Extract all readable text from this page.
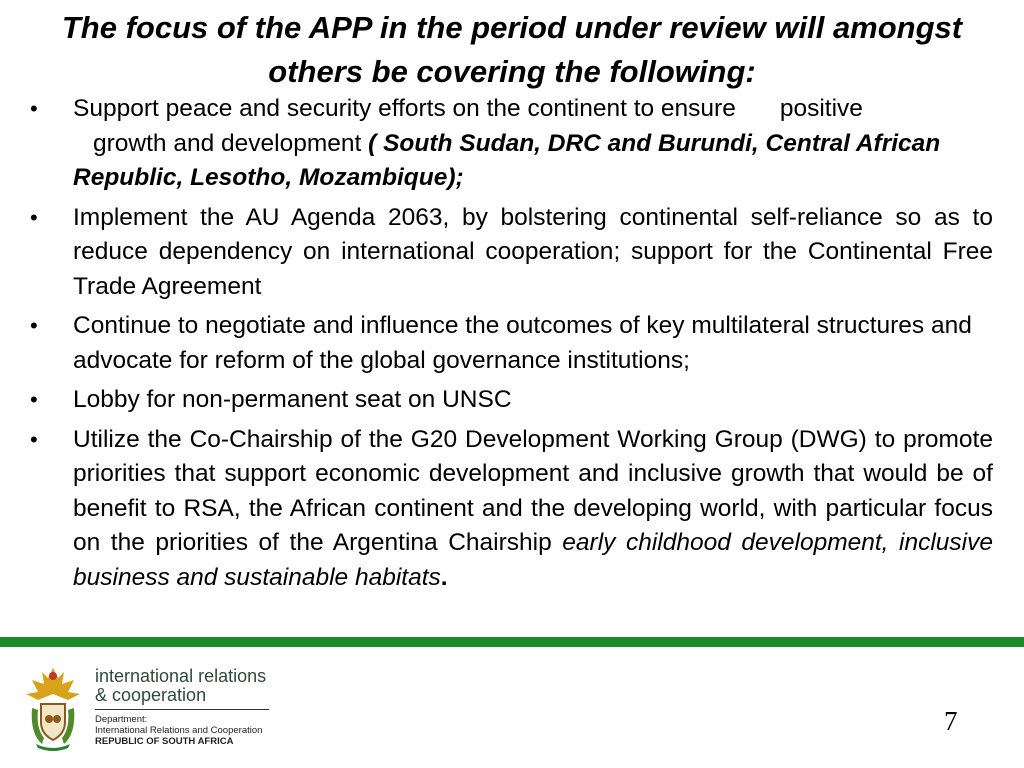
The focus of the APP in the period under review will amongst others be covering the following:
• Support peace and security efforts on the continent to ensure positive
growth and development ( South Sudan, DRC and Burundi, Central African Republic, Lesotho, Mozambique);
• Implement the AU Agenda 2063, by bolstering continental self-reliance so as to reduce dependency on international cooperation; support for the Continental Free Trade Agreement
• Continue to negotiate and influence the outcomes of key multilateral structures and advocate for reform of the global governance institutions;
• Lobby for non-permanent seat on UNSC
• Utilize the Co-Chairship of the G20 Development Working Group (DWG) to promote priorities that support economic development and inclusive growth that would be of benefit to RSA, the African continent and the developing world, with particular focus on the priorities of the Argentina Chairship early childhood development, inclusive business and sustainable habitats.
international relations
& cooperation
Department:
International Relations and Cooperation
REPUBLIC OF SOUTH AFRICA
7
